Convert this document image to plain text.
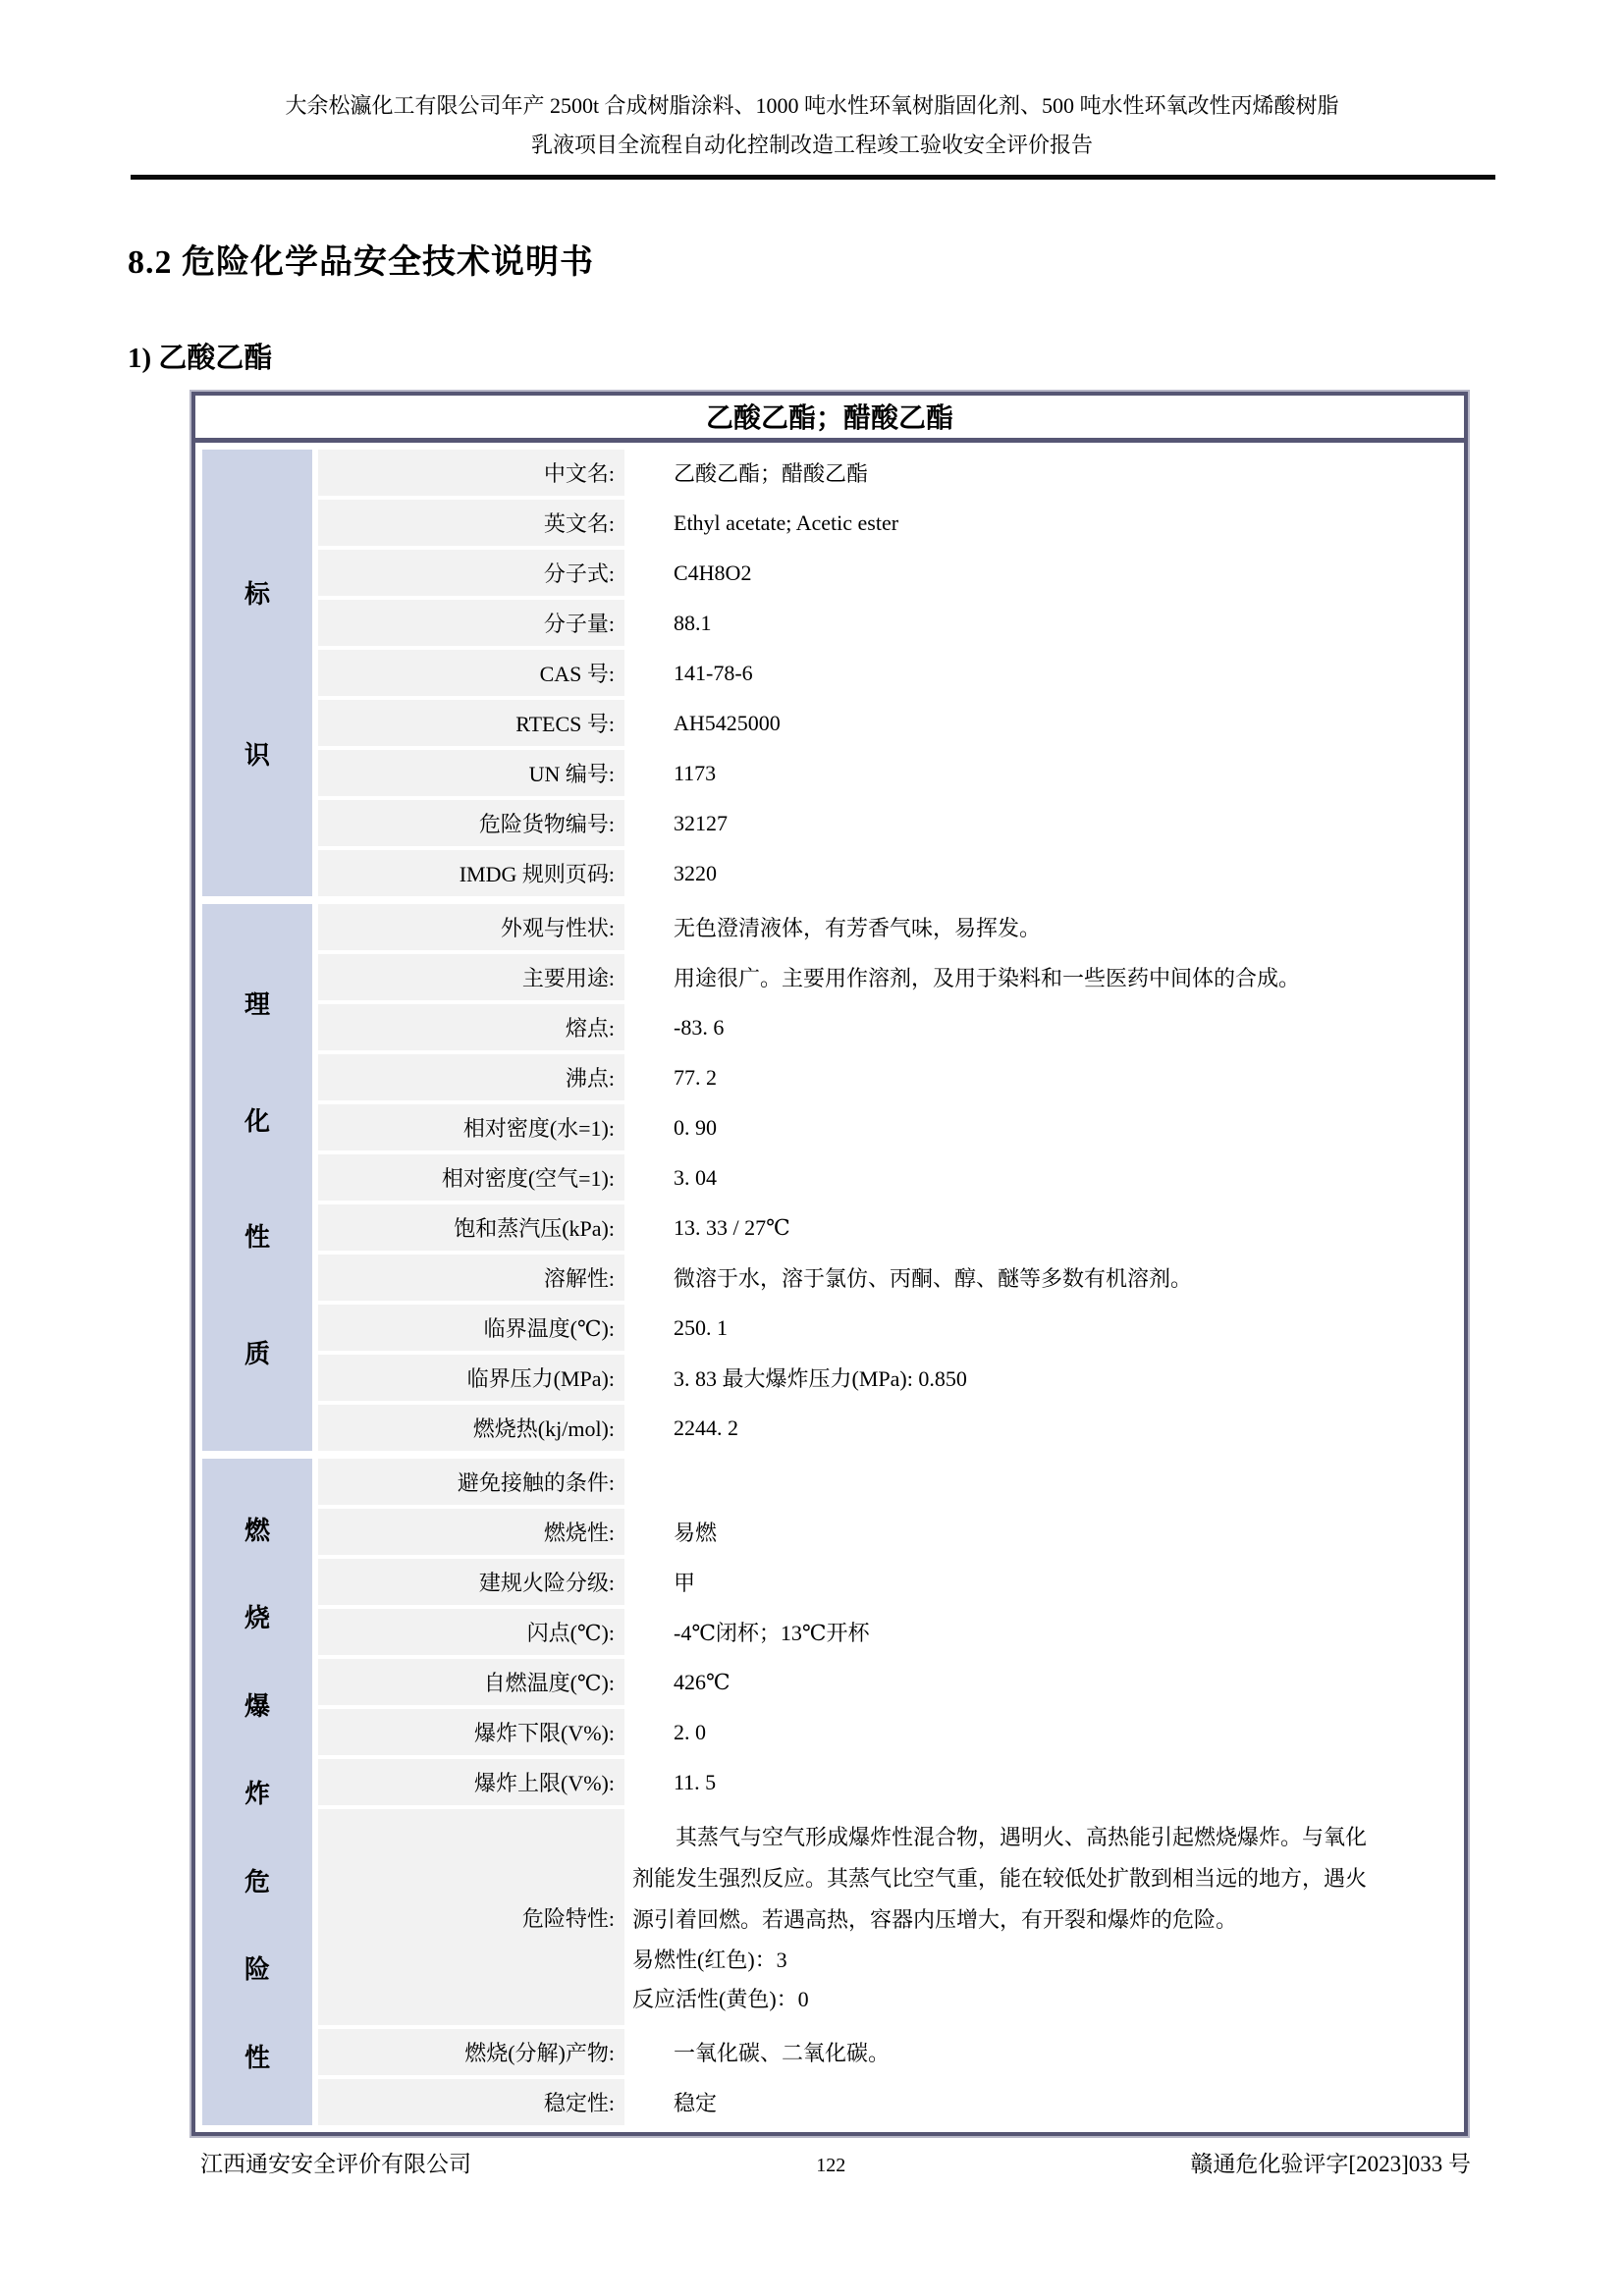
大余松瀛化工有限公司年产 2500t 合成树脂涂料、1000 吨水性环氧树脂固化剂、500 吨水性环氧改性丙烯酸树脂
乳液项目全流程自动化控制改造工程竣工验收安全评价报告
8.2 危险化学品安全技术说明书
1) 乙酸乙酯
乙酸乙酯；醋酸乙酯
标
识
中文名:	乙酸乙酯；醋酸乙酯
英文名:	Ethyl acetate; Acetic ester
分子式:	C4H8O2
分子量:	88.1
CAS 号:	141-78-6
RTECS 号:	AH5425000
UN 编号:	1173
危险货物编号:	32127
IMDG 规则页码:	3220
理
化
性
质
外观与性状:	无色澄清液体，有芳香气味，易挥发。
主要用途:	用途很广。主要用作溶剂，及用于染料和一些医药中间体的合成。
熔点:	-83. 6
沸点:	77. 2
相对密度(水=1):	0. 90
相对密度(空气=1):	3. 04
饱和蒸汽压(kPa):	13. 33 / 27℃
溶解性:	微溶于水，溶于氯仿、丙酮、醇、醚等多数有机溶剂。
临界温度(℃):	250. 1
临界压力(MPa):	3. 83 最大爆炸压力(MPa): 0.850
燃烧热(kj/mol):	2244. 2
燃
烧
爆
炸
危
险
性
避免接触的条件:
燃烧性:	易燃
建规火险分级:	甲
闪点(℃):	-4℃闭杯；13℃开杯
自燃温度(℃):	426℃
爆炸下限(V%):	2. 0
爆炸上限(V%):	11. 5
危险特性:
其蒸气与空气形成爆炸性混合物，遇明火、高热能引起燃烧爆炸。与氧化
剂能发生强烈反应。其蒸气比空气重，能在较低处扩散到相当远的地方，遇火
源引着回燃。若遇高热，容器内压增大，有开裂和爆炸的危险。
易燃性(红色)：3
反应活性(黄色)：0
燃烧(分解)产物:	一氧化碳、二氧化碳。
稳定性:	稳定
江西通安安全评价有限公司	122	赣通危化验评字[2023]033 号
